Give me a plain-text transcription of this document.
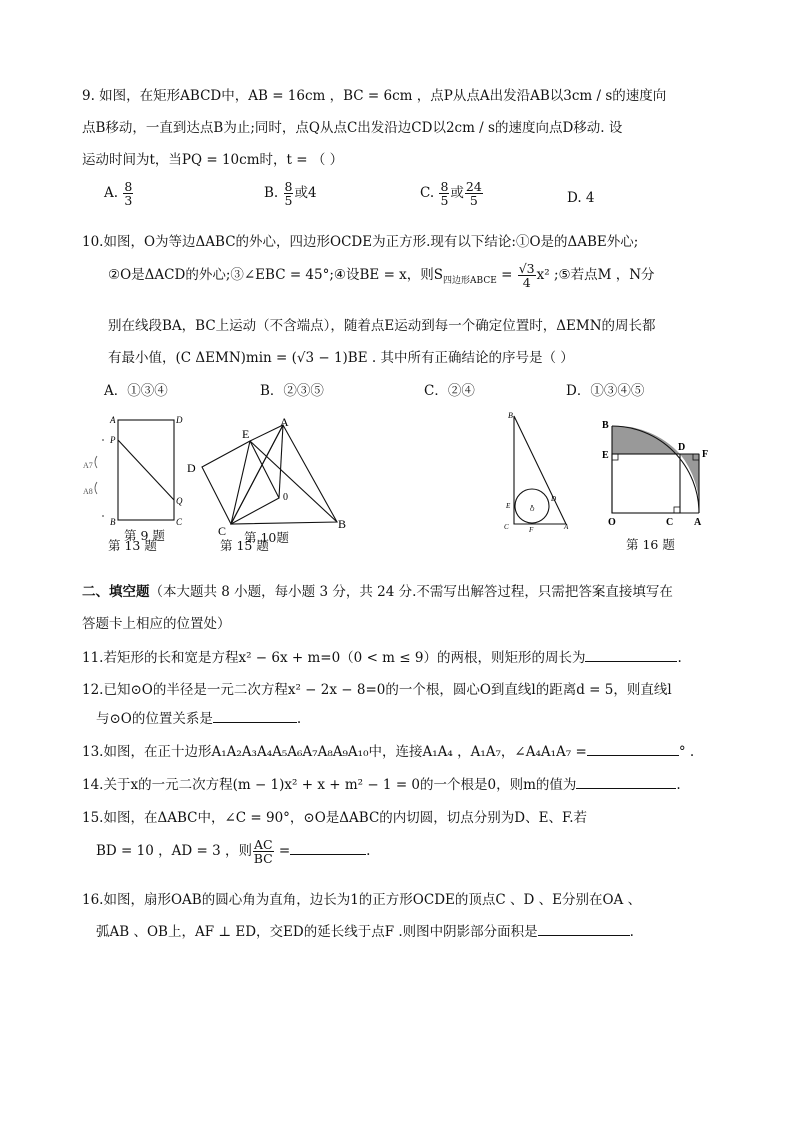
9. 如图，在矩形ABCD中，AB = 16cm ，BC = 6cm ，点P从点A出发沿AB以3cm / s的速度向
点B移动，一直到达点B为止;同时，点Q从点C出发沿边CD以2cm / s的速度向点D移动. 设
运动时间为t，当PQ = 10cm时，t = （ ）
A. $\frac{8}{3}$	B. $\frac{8}{5}$ 或4	C. $\frac{8}{5}$ 或 $\frac{24}{5}$	D. 4
10.如图，O为等边ΔABC的外心，四边形OCDE为正方形.现有以下结论:①O是的ΔABE外心;
②O是ΔACD的外心;③∠EBC = 45°;④设BE = x，则$S_{四边形ABCE} = \frac{√3}{4} x^2$ ;⑤若点M ，N分
别在线段BA，BC上运动（不含端点），随着点E运动到每一个确定位置时，ΔEMN的周长都
有最小值，(C ΔEMN)min = (√3 − 1)BE . 其中所有正确结论的序号是（ ）
A．①③④	B．②③⑤	C．②④	D．①③④⑤
A	D
P
Q
B	C
A7
A8
E
A
D
0
C	B
第 9 题
第 13 题
第 10题
第 15 题
B
D
E	O
C	F	A
B
D
F
E
O	C A
第 16 题
二、填空题（本大题共 8 小题，每小题 3 分，共 24 分.不需写出解答过程，只需把答案直接填写在
答题卡上相应的位置处）
11.若矩形的长和宽是方程x² − 6x + m=0（0 < m ≤ 9）的两根，则矩形的周长为	.
12.已知⊙O的半径是一元二次方程x² − 2x − 8=0的一个根，圆心O到直线l的距离d = 5，则直线l
与⊙O的位置关系是	.
13.如图，在正十边形A₁A₂A₃A₄A₅A₆A₇A₈A₉A₁₀中，连接A₁A₄ ，A₁A₇，∠A₄A₁A₇ =	° .
14.关于x的一元二次方程(m − 1)x² + x + m² − 1 = 0的一个根是0，则m的值为	.
15.如图，在ΔABC中，∠C = 90°，⊙O是ΔABC的内切圆，切点分别为D、E、F.若
BD = 10 ，AD = 3 ，则 $\frac{AC}{BC}$ =	.
16.如图，扇形OAB的圆心角为直角，边长为1的正方形OCDE的顶点C 、D 、E分别在OA 、
弧AB 、OB上，AF ⊥ ED，交ED的延长线于点F .则图中阴影部分面积是	.
